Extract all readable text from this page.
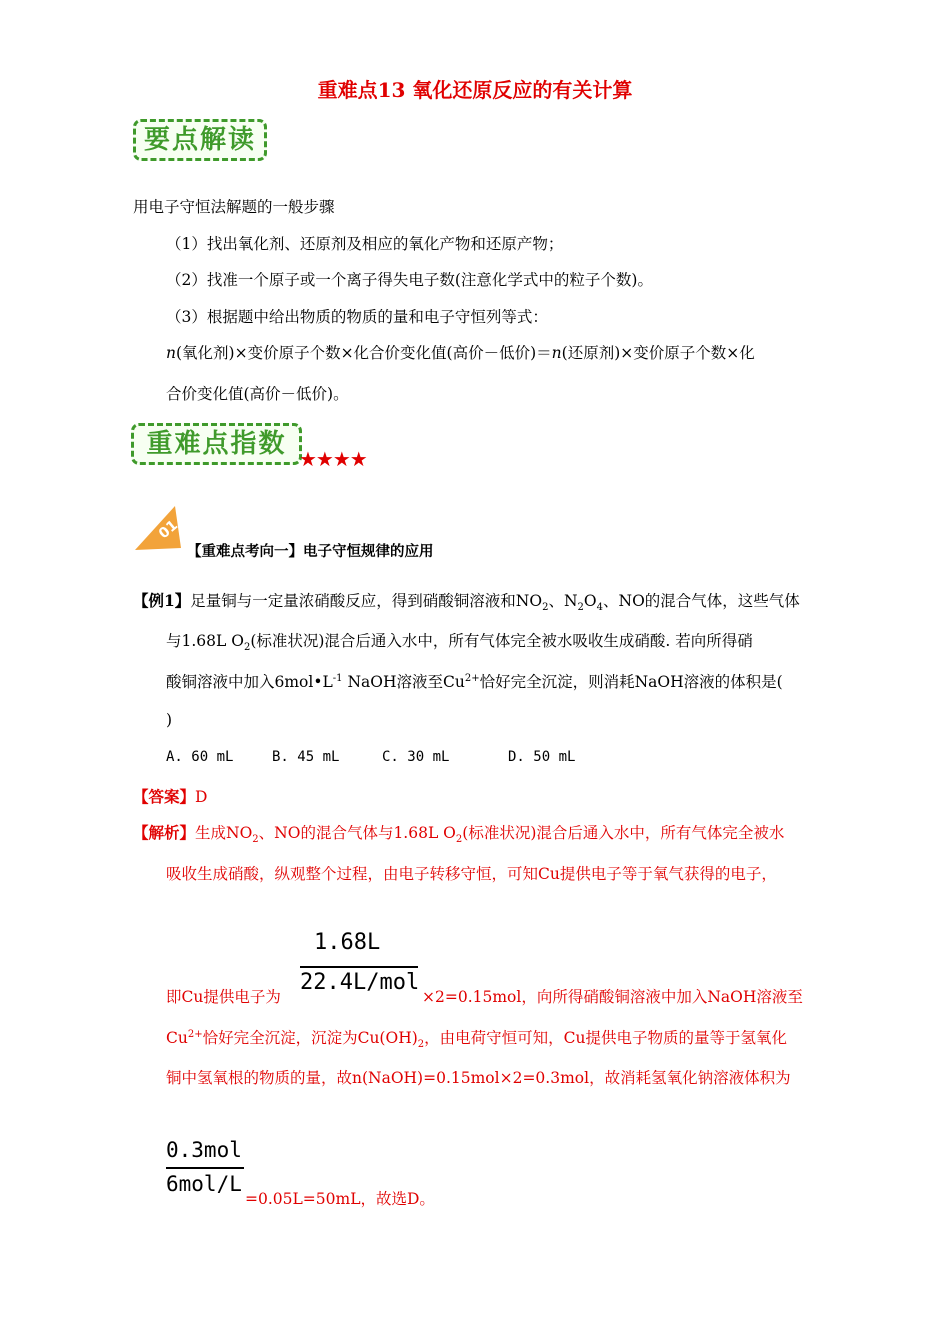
重难点13 氧化还原反应的有关计算
要点解读
用电子守恒法解题的一般步骤
（1）找出氧化剂、还原剂及相应的氧化产物和还原产物；
（2）找准一个原子或一个离子得失电子数(注意化学式中的粒子个数)。
（3）根据题中给出物质的物质的量和电子守恒列等式：
n(氧化剂)×变价原子个数×化合价变化值(高价－低价)＝n(还原剂)×变价原子个数×化
合价变化值(高价－低价)。
重难点指数 ★★★★
01
【重难点考向一】电子守恒规律的应用
【例1】足量铜与一定量浓硝酸反应，得到硝酸铜溶液和$NO_2$、$N_2O_4$、NO的混合气体，这些气体
与1.68L $O_2$(标准状况)混合后通入水中，所有气体完全被水吸收生成硝酸. 若向所得硝
酸铜溶液中加入$6mol•L^{-1}$ NaOH溶液至$Cu^{2+}$恰好完全沉淀，则消耗NaOH溶液的体积是(
)
A. 60 mL	B. 45 mL	C. 30 mL	D. 50 mL
【答案】D
【解析】生成$NO_2$、NO的混合气体与1.68L $O_2$(标准状况)混合后通入水中，所有气体完全被水
吸收生成硝酸，纵观整个过程，由电子转移守恒，可知Cu提供电子等于氧气获得的电子，
1.68L
22.4L/mol
即Cu提供电子为	×2=0.15mol，向所得硝酸铜溶液中加入NaOH溶液至
$Cu^{2+}$恰好完全沉淀，沉淀为$Cu(OH)_2$，由电荷守恒可知，Cu提供电子物质的量等于氢氧化
铜中氢氧根的物质的量，故n(NaOH)=0.15mol×2=0.3mol，故消耗氢氧化钠溶液体积为
0.3mol
6mol/L
=0.05L=50mL，故选D。
